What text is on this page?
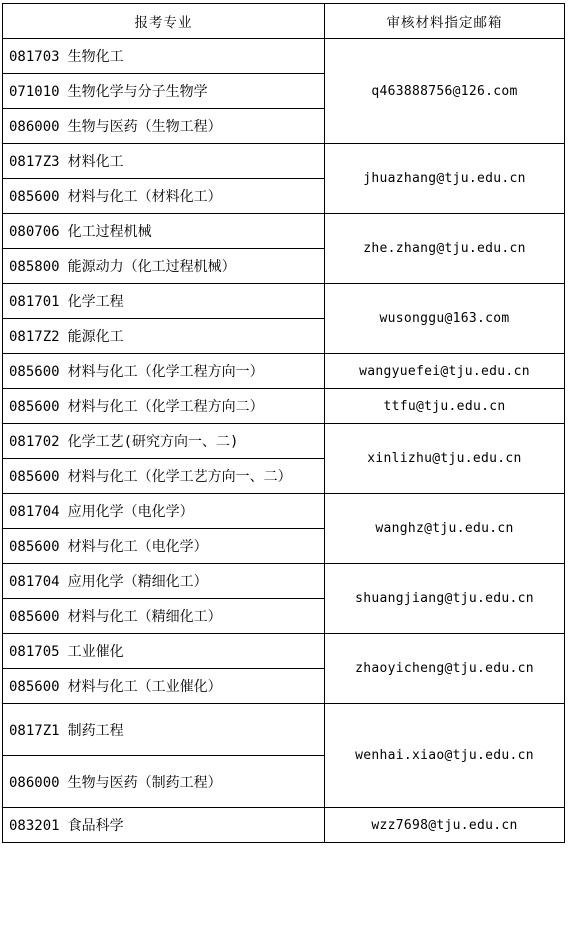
报考专业	审核材料指定邮箱
081703 生物化工	q463888756@126.com
071010 生物化学与分子生物学	
086000 生物与医药（生物工程）	
0817Z3 材料化工	jhuazhang@tju.edu.cn
085600 材料与化工（材料化工）	
080706 化工过程机械	zhe.zhang@tju.edu.cn
085800 能源动力（化工过程机械）	
081701 化学工程	wusonggu@163.com
0817Z2 能源化工	
085600 材料与化工（化学工程方向一）	wangyuefei@tju.edu.cn
085600 材料与化工（化学工程方向二）	ttfu@tju.edu.cn
081702 化学工艺(研究方向一、二)	xinlizhu@tju.edu.cn
085600 材料与化工（化学工艺方向一、二）	
081704 应用化学（电化学）	wanghz@tju.edu.cn
085600 材料与化工（电化学）	
081704 应用化学（精细化工）	shuangjiang@tju.edu.cn
085600 材料与化工（精细化工）	
081705 工业催化	zhaoyicheng@tju.edu.cn
085600 材料与化工（工业催化）	
0817Z1 制药工程	wenhai.xiao@tju.edu.cn
086000 生物与医药（制药工程）	
083201 食品科学	wzz7698@tju.edu.cn
